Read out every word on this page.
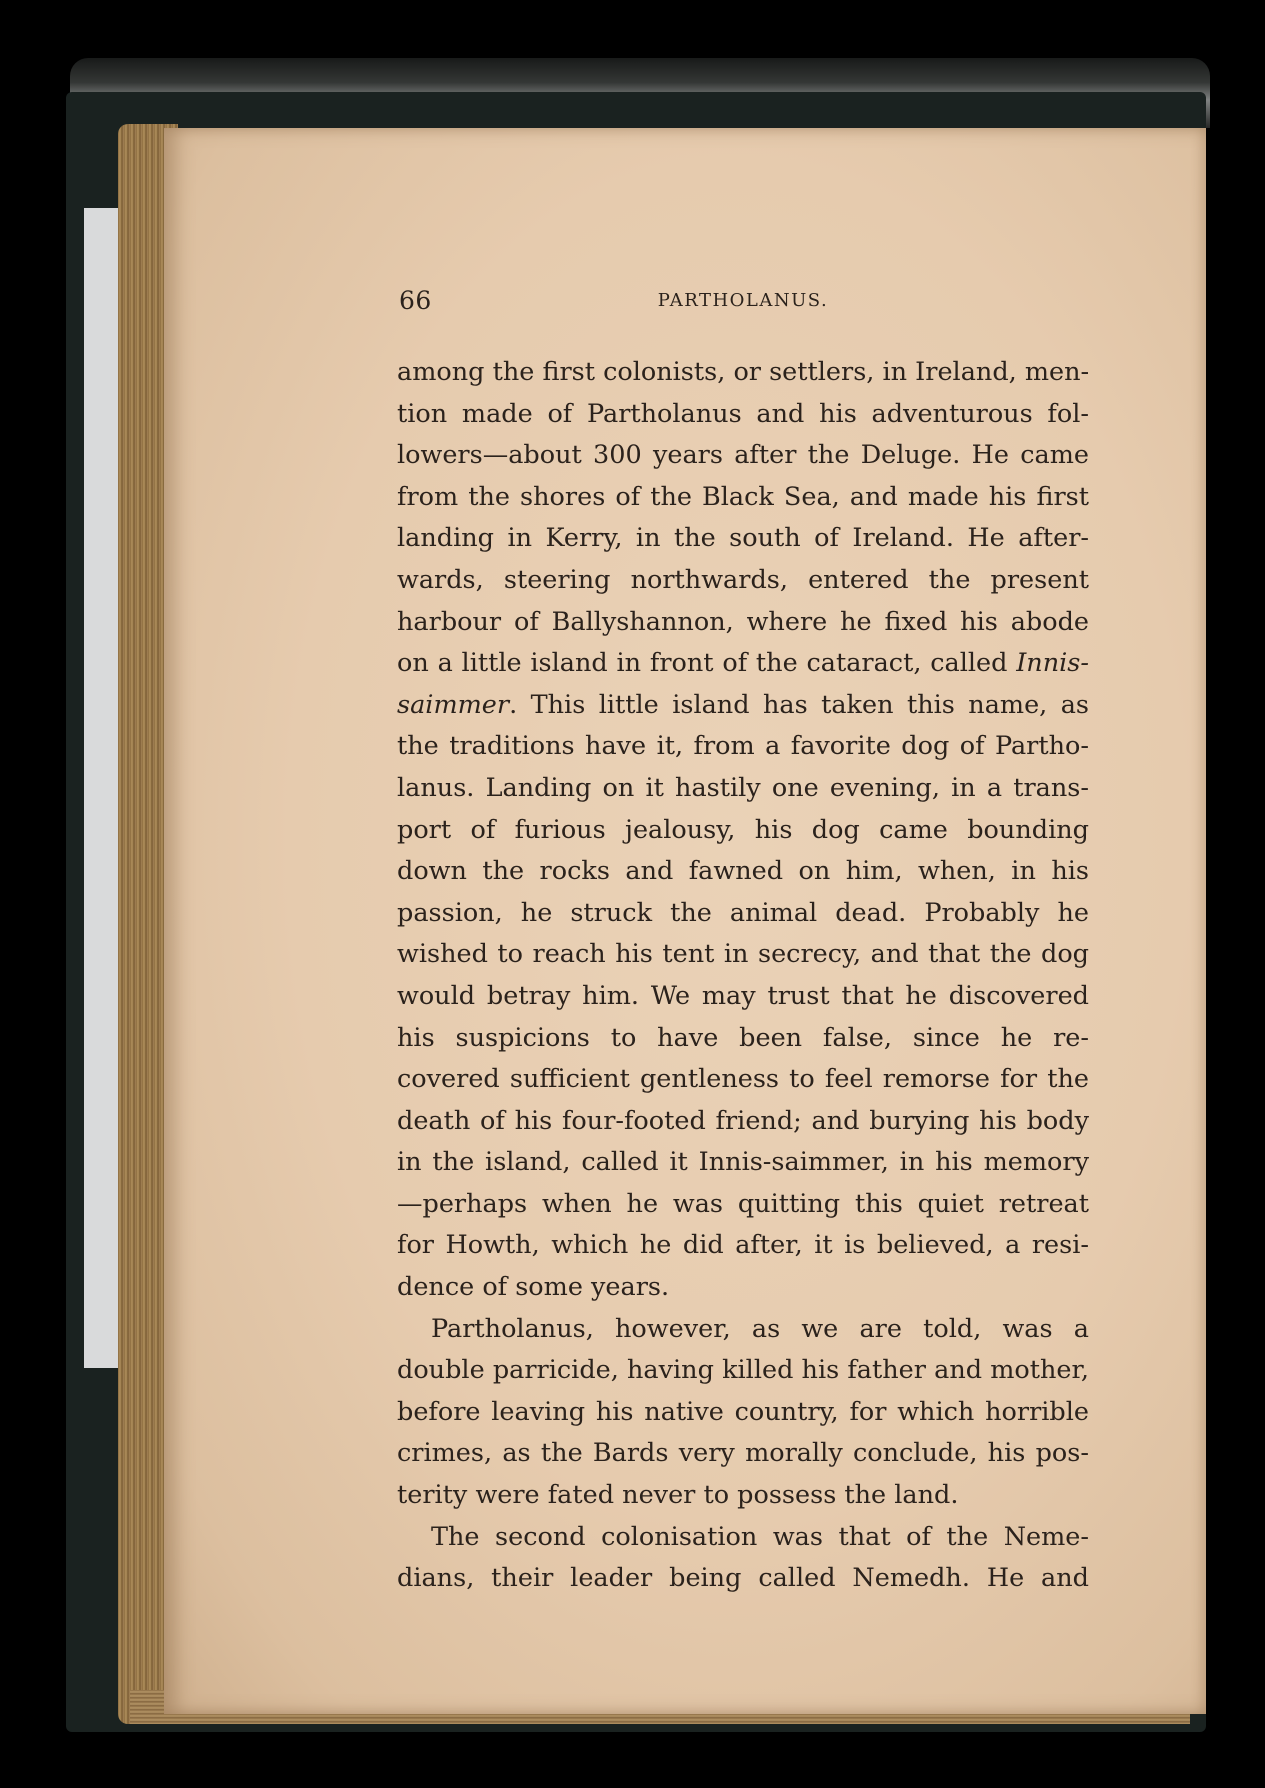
66	PARTHOLANUS.
among the first colonists, or settlers, in Ireland, men-
tion made of Partholanus and his adventurous fol-
lowers—about 300 years after the Deluge. He came
from the shores of the Black Sea, and made his first
landing in Kerry, in the south of Ireland. He after-
wards, steering northwards, entered the present
harbour of Ballyshannon, where he fixed his abode
on a little island in front of the cataract, called Innis-
saimmer. This little island has taken this name, as
the traditions have it, from a favorite dog of Partho-
lanus. Landing on it hastily one evening, in a trans-
port of furious jealousy, his dog came bounding
down the rocks and fawned on him, when, in his
passion, he struck the animal dead. Probably he
wished to reach his tent in secrecy, and that the dog
would betray him. We may trust that he discovered
his suspicions to have been false, since he re-
covered sufficient gentleness to feel remorse for the
death of his four-footed friend; and burying his body
in the island, called it Innis-saimmer, in his memory
—perhaps when he was quitting this quiet retreat
for Howth, which he did after, it is believed, a resi-
dence of some years.
Partholanus, however, as we are told, was a
double parricide, having killed his father and mother,
before leaving his native country, for which horrible
crimes, as the Bards very morally conclude, his pos-
terity were fated never to possess the land.
The second colonisation was that of the Neme-
dians, their leader being called Nemedh. He and
